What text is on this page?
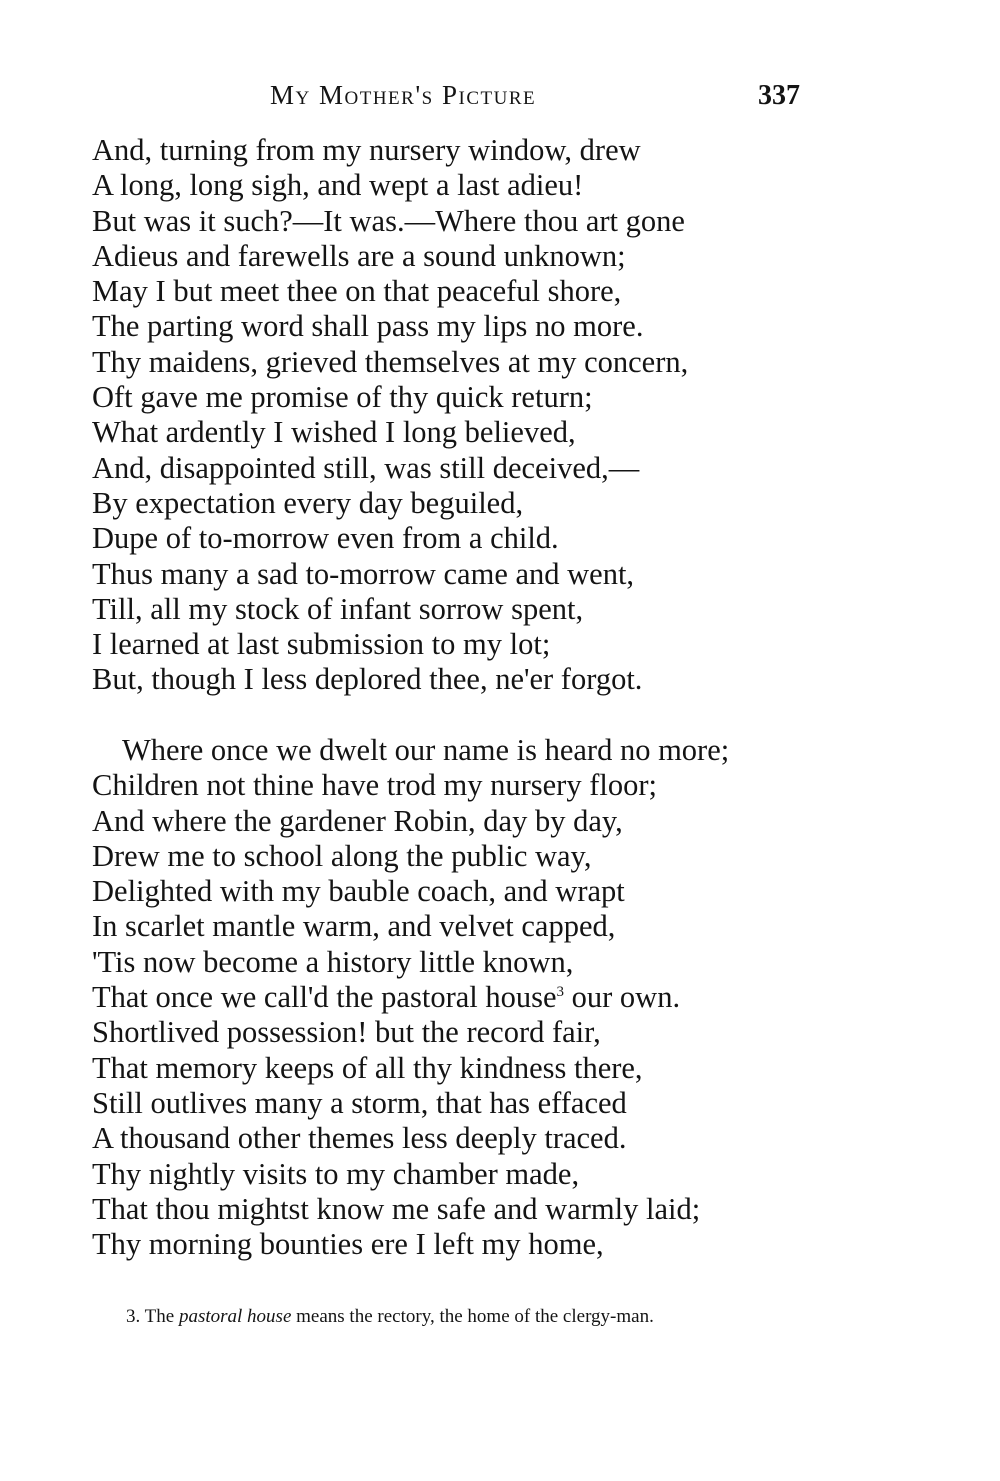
My Mother's Picture	337
And, turning from my nursery window, drew
A long, long sigh, and wept a last adieu!
But was it such?—It was.—Where thou art gone
Adieus and farewells are a sound unknown;
May I but meet thee on that peaceful shore,
The parting word shall pass my lips no more.
Thy maidens, grieved themselves at my concern,
Oft gave me promise of thy quick return;
What ardently I wished I long believed,
And, disappointed still, was still deceived,—
By expectation every day beguiled,
Dupe of to-morrow even from a child.
Thus many a sad to-morrow came and went,
Till, all my stock of infant sorrow spent,
I learned at last submission to my lot;
But, though I less deplored thee, ne'er forgot.
Where once we dwelt our name is heard no more;
Children not thine have trod my nursery floor;
And where the gardener Robin, day by day,
Drew me to school along the public way,
Delighted with my bauble coach, and wrapt
In scarlet mantle warm, and velvet capped,
'Tis now become a history little known,
That once we call'd the pastoral house$^3$ our own.
Shortlived possession! but the record fair,
That memory keeps of all thy kindness there,
Still outlives many a storm, that has effaced
A thousand other themes less deeply traced.
Thy nightly visits to my chamber made,
That thou mightst know me safe and warmly laid;
Thy morning bounties ere I left my home,

3. The pastoral house means the rectory, the home of the clergy-man.
